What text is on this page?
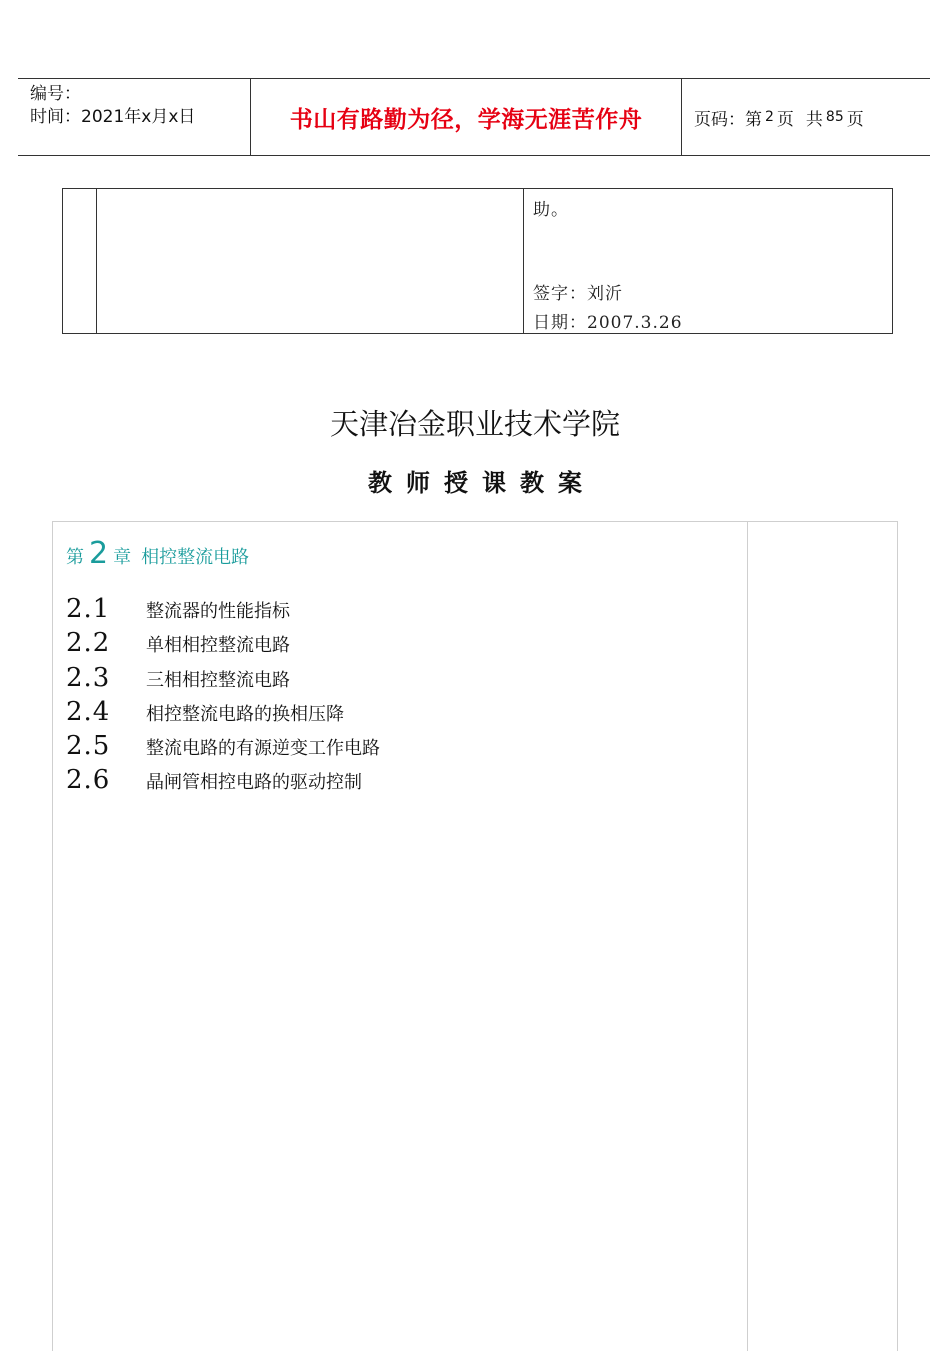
编号：
时间：2021年x月x日	书山有路勤为径，学海无涯苦作舟	页码：第 2 页 共 85 页
助。
签字：刘沂
日期：2007.3.26
天津冶金职业技术学院
教师授课教案
第 2 章 相控整流电路
2.1	整流器的性能指标
2.2	单相相控整流电路
2.3	三相相控整流电路
2.4	相控整流电路的换相压降
2.5	整流电路的有源逆变工作电路
2.6	晶闸管相控电路的驱动控制
